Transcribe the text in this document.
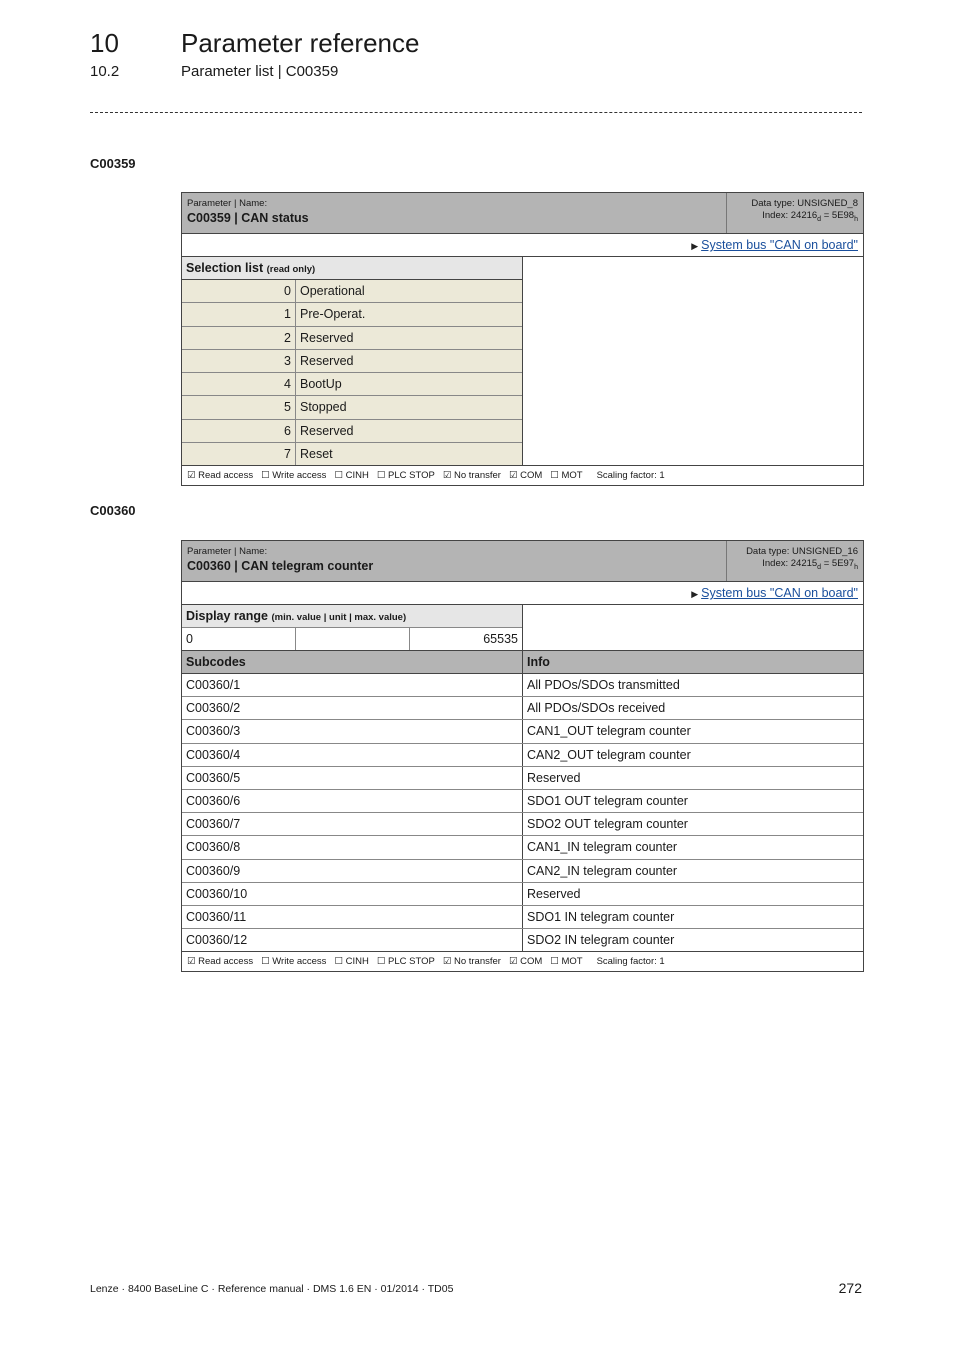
10 Parameter reference
10.2	Parameter list | C00359
C00359
Parameter | Name:
C00359 | CAN status
Data type: UNSIGNED_8
Index: $24216_d = 5E98_h$
▶ System bus "CAN on board"
Selection list (read only)
0 Operational
1 Pre-Operat.
2 Reserved
3 Reserved
4 BootUp
5 Stopped
6 Reserved
7 Reset
☑ Read access ☐ Write access ☐ CINH ☐ PLC STOP ☑ No transfer ☑ COM ☐ MOT Scaling factor: 1
C00360
Parameter | Name:
C00360 | CAN telegram counter
Data type: UNSIGNED_16
Index: $24215_d = 5E97_h$
▶ System bus "CAN on board"
Display range (min. value | unit | max. value)
0	65535
Subcodes	Info
C00360/1	All PDOs/SDOs transmitted
C00360/2	All PDOs/SDOs received
C00360/3	CAN1_OUT telegram counter
C00360/4	CAN2_OUT telegram counter
C00360/5	Reserved
C00360/6	SDO1 OUT telegram counter
C00360/7	SDO2 OUT telegram counter
C00360/8	CAN1_IN telegram counter
C00360/9	CAN2_IN telegram counter
C00360/10	Reserved
C00360/11	SDO1 IN telegram counter
C00360/12	SDO2 IN telegram counter
☑ Read access ☐ Write access ☐ CINH ☐ PLC STOP ☑ No transfer ☑ COM ☐ MOT Scaling factor: 1
Lenze · 8400 BaseLine C · Reference manual · DMS 1.6 EN · 01/2014 · TD05	272
